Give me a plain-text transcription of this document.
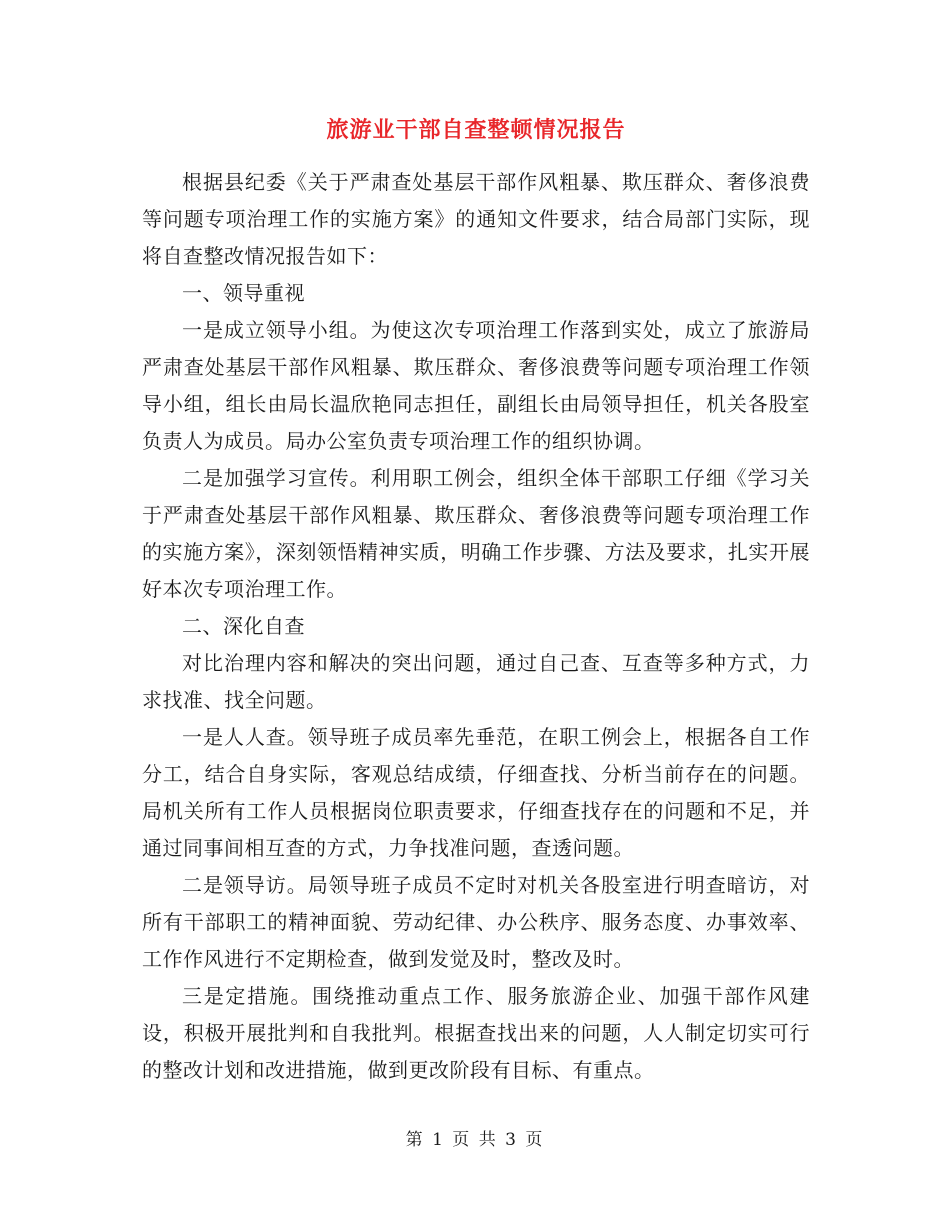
旅游业干部自查整顿情况报告

根据县纪委《关于严肃查处基层干部作风粗暴、欺压群众、奢侈浪费等问题专项治理工作的实施方案》的通知文件要求，结合局部门实际，现将自查整改情况报告如下：

一、领导重视

一是成立领导小组。为使这次专项治理工作落到实处，成立了旅游局严肃查处基层干部作风粗暴、欺压群众、奢侈浪费等问题专项治理工作领导小组，组长由局长温欣艳同志担任，副组长由局领导担任，机关各股室负责人为成员。局办公室负责专项治理工作的组织协调。

二是加强学习宣传。利用职工例会，组织全体干部职工仔细《学习关于严肃查处基层干部作风粗暴、欺压群众、奢侈浪费等问题专项治理工作的实施方案》，深刻领悟精神实质，明确工作步骤、方法及要求，扎实开展好本次专项治理工作。

二、深化自查

对比治理内容和解决的突出问题，通过自己查、互查等多种方式，力求找准、找全问题。

一是人人查。领导班子成员率先垂范，在职工例会上，根据各自工作分工，结合自身实际，客观总结成绩，仔细查找、分析当前存在的问题。局机关所有工作人员根据岗位职责要求，仔细查找存在的问题和不足，并通过同事间相互查的方式，力争找准问题，查透问题。

二是领导访。局领导班子成员不定时对机关各股室进行明查暗访，对所有干部职工的精神面貌、劳动纪律、办公秩序、服务态度、办事效率、工作作风进行不定期检查，做到发觉及时，整改及时。

三是定措施。围绕推动重点工作、服务旅游企业、加强干部作风建设，积极开展批判和自我批判。根据查找出来的问题，人人制定切实可行的整改计划和改进措施，做到更改阶段有目标、有重点。

第 1 页 共 3 页
